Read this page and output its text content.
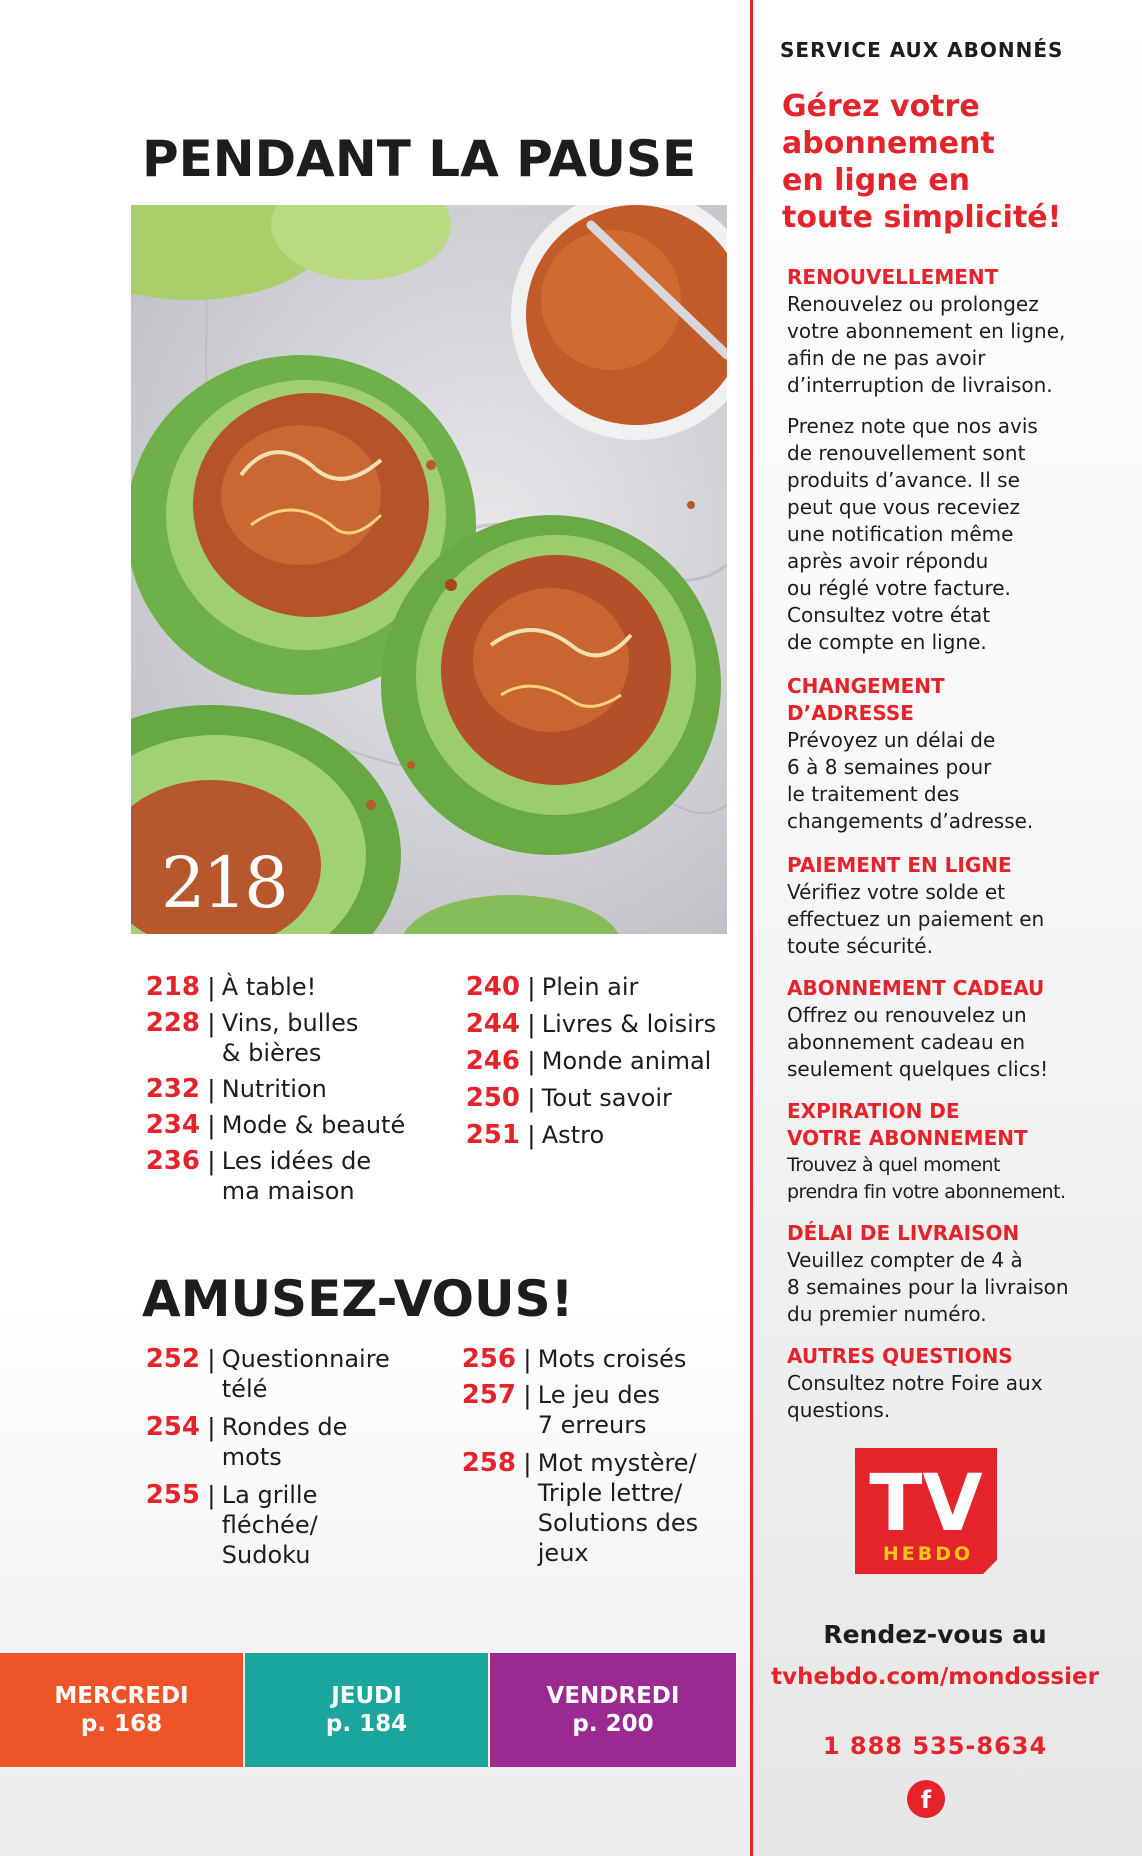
PENDANT LA PAUSE
218
218 | À table!
228 | Vins, bulles
& bières
232 | Nutrition
234 | Mode & beauté
236 | Les idées de
ma maison
240 | Plein air
244 | Livres & loisirs
246 | Monde animal
250 | Tout savoir
251 | Astro
AMUSEZ-VOUS!
252 | Questionnaire
télé
254 | Rondes de
mots
255 | La grille
fléchée/
Sudoku
256 | Mots croisés
257 | Le jeu des
7 erreurs
258 | Mot mystère/
Triple lettre/
Solutions des
jeux
MERCREDI
p. 168
JEUDI
p. 184
VENDREDI
p. 200
SERVICE AUX ABONNÉS
Gérez votre
abonnement
en ligne en
toute simplicité!
RENOUVELLEMENT
Renouvelez ou prolongez
votre abonnement en ligne,
afin de ne pas avoir
d’interruption de livraison.
Prenez note que nos avis
de renouvellement sont
produits d’avance. Il se
peut que vous receviez
une notification même
après avoir répondu
ou réglé votre facture.
Consultez votre état
de compte en ligne.
CHANGEMENT
D’ADRESSE
Prévoyez un délai de
6 à 8 semaines pour
le traitement des
changements d’adresse.
PAIEMENT EN LIGNE
Vérifiez votre solde et
effectuez un paiement en
toute sécurité.
ABONNEMENT CADEAU
Offrez ou renouvelez un
abonnement cadeau en
seulement quelques clics!
EXPIRATION DE
VOTRE ABONNEMENT
Trouvez à quel moment
prendra fin votre abonnement.
DÉLAI DE LIVRAISON
Veuillez compter de 4 à
8 semaines pour la livraison
du premier numéro.
AUTRES QUESTIONS
Consultez notre Foire aux
questions.
TV
HEBDO
Rendez-vous au
tvhebdo.com/mondossier
1 888 535-8634
f
